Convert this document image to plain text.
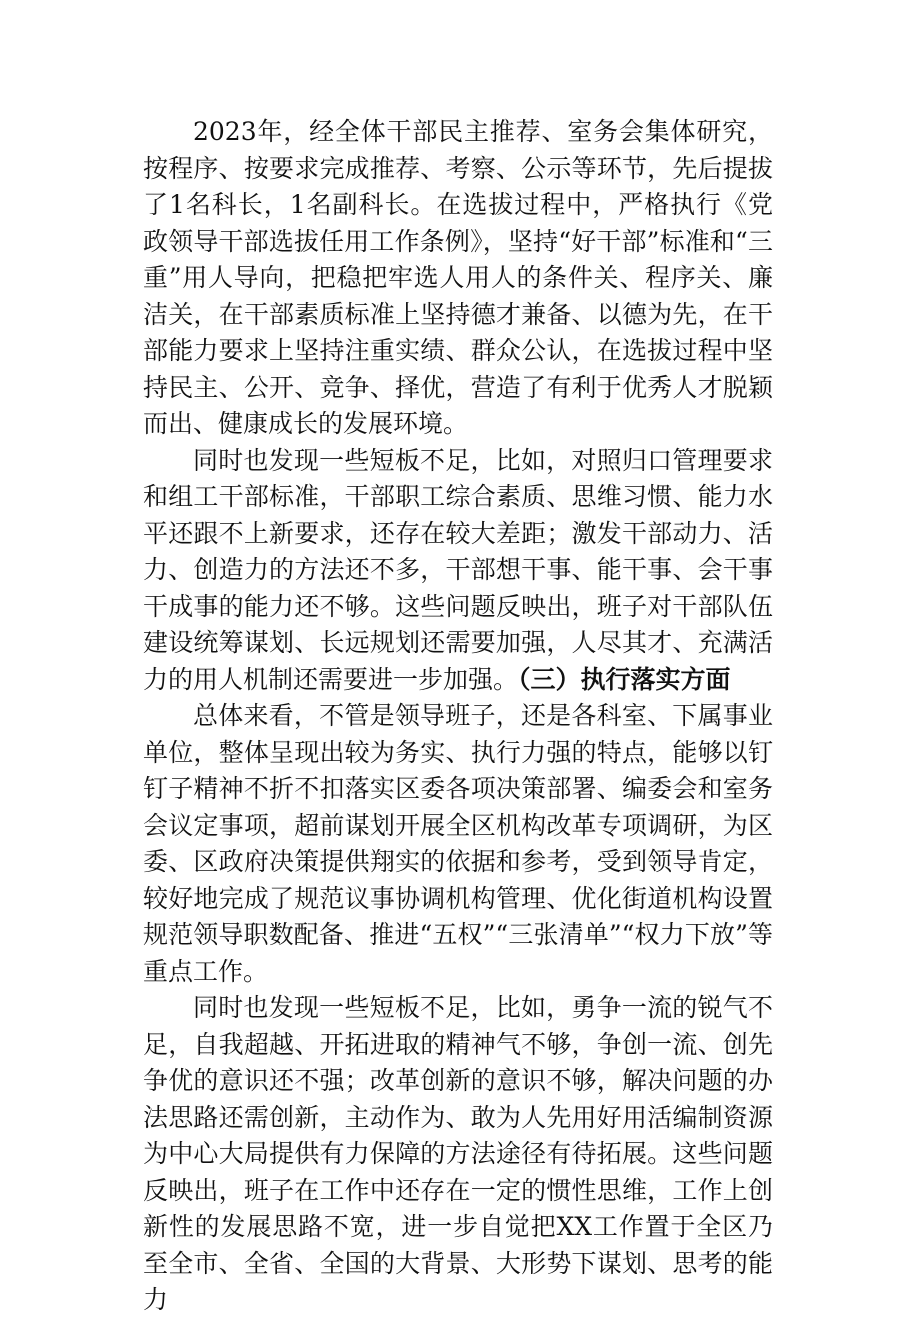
2023年，经全体干部民主推荐、室务会集体研究，按程序、按要求完成推荐、考察、公示等环节，先后提拔了1名科长，1名副科长。在选拔过程中，严格执行《党政领导干部选拔任用工作条例》，坚持“好干部”标准和“三重”用人导向，把稳把牢选人用人的条件关、程序关、廉洁关，在干部素质标准上坚持德才兼备、以德为先，在干部能力要求上坚持注重实绩、群众公认，在选拔过程中坚持民主、公开、竞争、择优，营造了有利于优秀人才脱颖而出、健康成长的发展环境。

同时也发现一些短板不足，比如，对照归口管理要求和组工干部标准，干部职工综合素质、思维习惯、能力水平还跟不上新要求，还存在较大差距；激发干部动力、活力、创造力的方法还不多，干部想干事、能干事、会干事干成事的能力还不够。这些问题反映出，班子对干部队伍建设统筹谋划、长远规划还需要加强，人尽其才、充满活力的用人机制还需要进一步加强。（三）执行落实方面

总体来看，不管是领导班子，还是各科室、下属事业单位，整体呈现出较为务实、执行力强的特点，能够以钉钉子精神不折不扣落实区委各项决策部署、编委会和室务会议定事项，超前谋划开展全区机构改革专项调研，为区委、区政府决策提供翔实的依据和参考，受到领导肯定，较好地完成了规范议事协调机构管理、优化街道机构设置规范领导职数配备、推进“五权”“三张清单”“权力下放”等重点工作。

同时也发现一些短板不足，比如，勇争一流的锐气不足，自我超越、开拓进取的精神气不够，争创一流、创先争优的意识还不强；改革创新的意识不够，解决问题的办法思路还需创新，主动作为、敢为人先用好用活编制资源为中心大局提供有力保障的方法途径有待拓展。这些问题反映出，班子在工作中还存在一定的惯性思维，工作上创新性的发展思路不宽，进一步自觉把XX工作置于全区乃至全市、全省、全国的大背景、大形势下谋划、思考的能力
